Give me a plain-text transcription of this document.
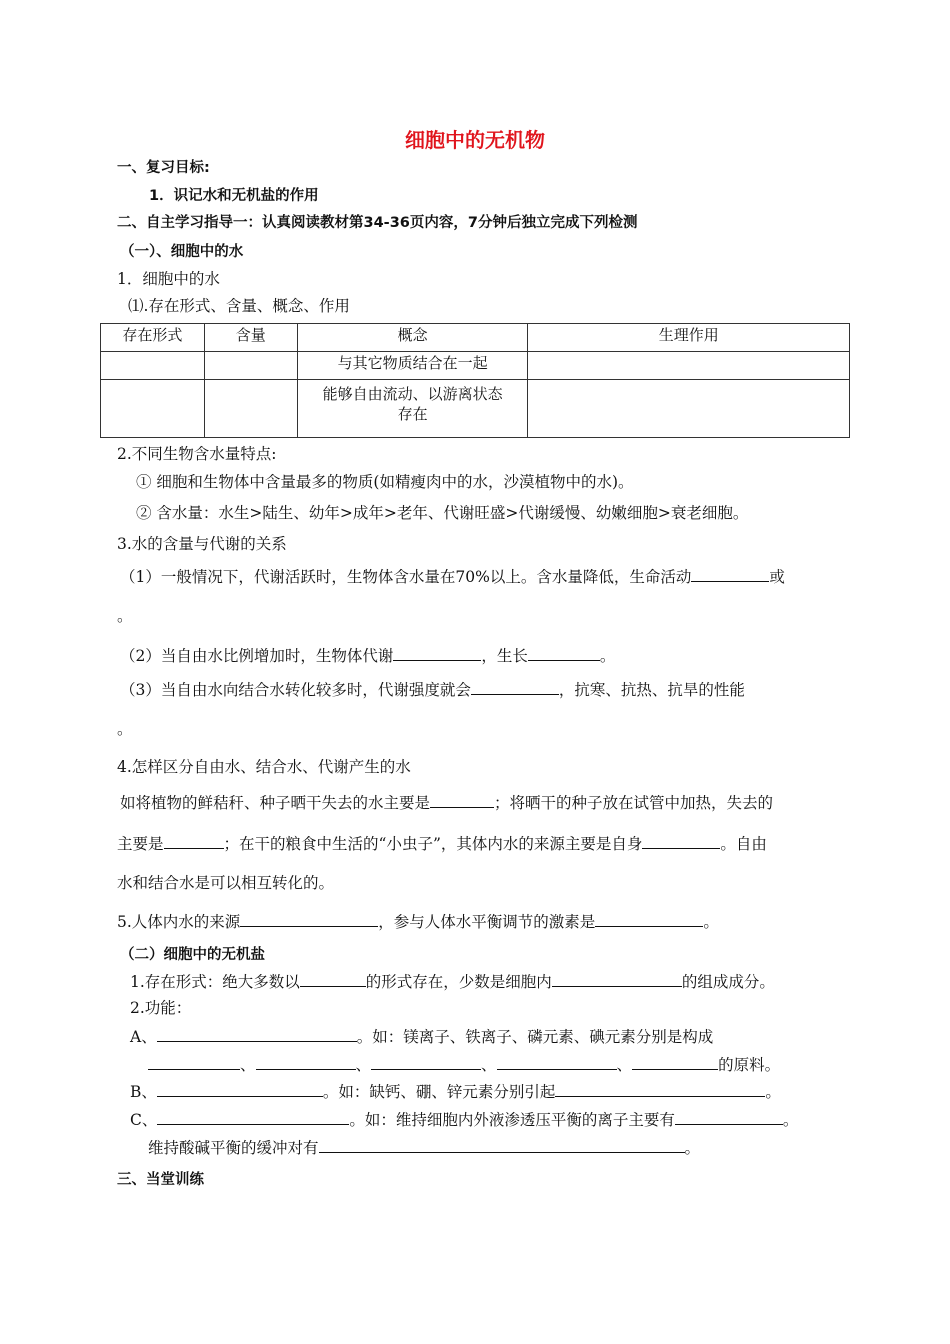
细胞中的无机物
一、复习目标:
1．识记水和无机盐的作用
二、自主学习指导一：认真阅读教材第34-36页内容，7分钟后独立完成下列检测
（一）、细胞中的水
1．细胞中的水
⑴.存在形式、含量、概念、作用
存在形式	含量	概念	生理作用
		与其它物质结合在一起	
		能够自由流动、以游离状态存在	
2.不同生物含水量特点:
① 细胞和生物体中含量最多的物质(如精瘦肉中的水，沙漠植物中的水)。
② 含水量：水生>陆生、幼年>成年>老年、代谢旺盛>代谢缓慢、幼嫩细胞>衰老细胞。
3.水的含量与代谢的关系
（1）一般情况下，代谢活跃时，生物体含水量在70%以上。含水量降低，生命活动	或
。
（2）当自由水比例增加时，生物体代谢	，生长	。
（3）当自由水向结合水转化较多时，代谢强度就会	，抗寒、抗热、抗旱的性能
。
4.怎样区分自由水、结合水、代谢产生的水
如将植物的鲜秸秆、种子晒干失去的水主要是	；将晒干的种子放在试管中加热，失去的
主要是	；在干的粮食中生活的“小虫子”，其体内水的来源主要是自身	。自由
水和结合水是可以相互转化的。
5.人体内水的来源	，参与人体水平衡调节的激素是	。
（二）细胞中的无机盐
1.存在形式：绝大多数以	的形式存在，少数是细胞内	的组成成分。
2.功能：
A、	。如：镁离子、铁离子、磷元素、碘元素分别是构成
、	、	、	、	的原料。
B、	。如：缺钙、硼、锌元素分别引起	。
C、	。如：维持细胞内外液渗透压平衡的离子主要有	。
维持酸碱平衡的缓冲对有	。
三、当堂训练
